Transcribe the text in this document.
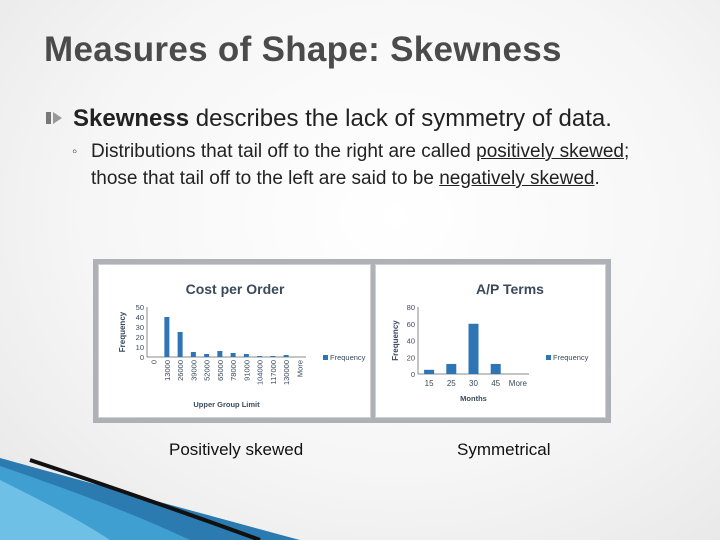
Measures of Shape: Skewness
Skewness describes the lack of symmetry of data.
◦ Distributions that tail off to the right are called positively skewed; those that tail off to the left are said to be negatively skewed.
Cost per Order
Frequency
0
10
20
30
40
50
0 13000 26000 39000 52000 65000 78000 91000 104000 117000 130000 More
Upper Group Limit
Frequency
A/P Terms
Frequency
0
20
40
60
80
15 25 30 45 More
Months
Frequency
Positively skewed	Symmetrical
